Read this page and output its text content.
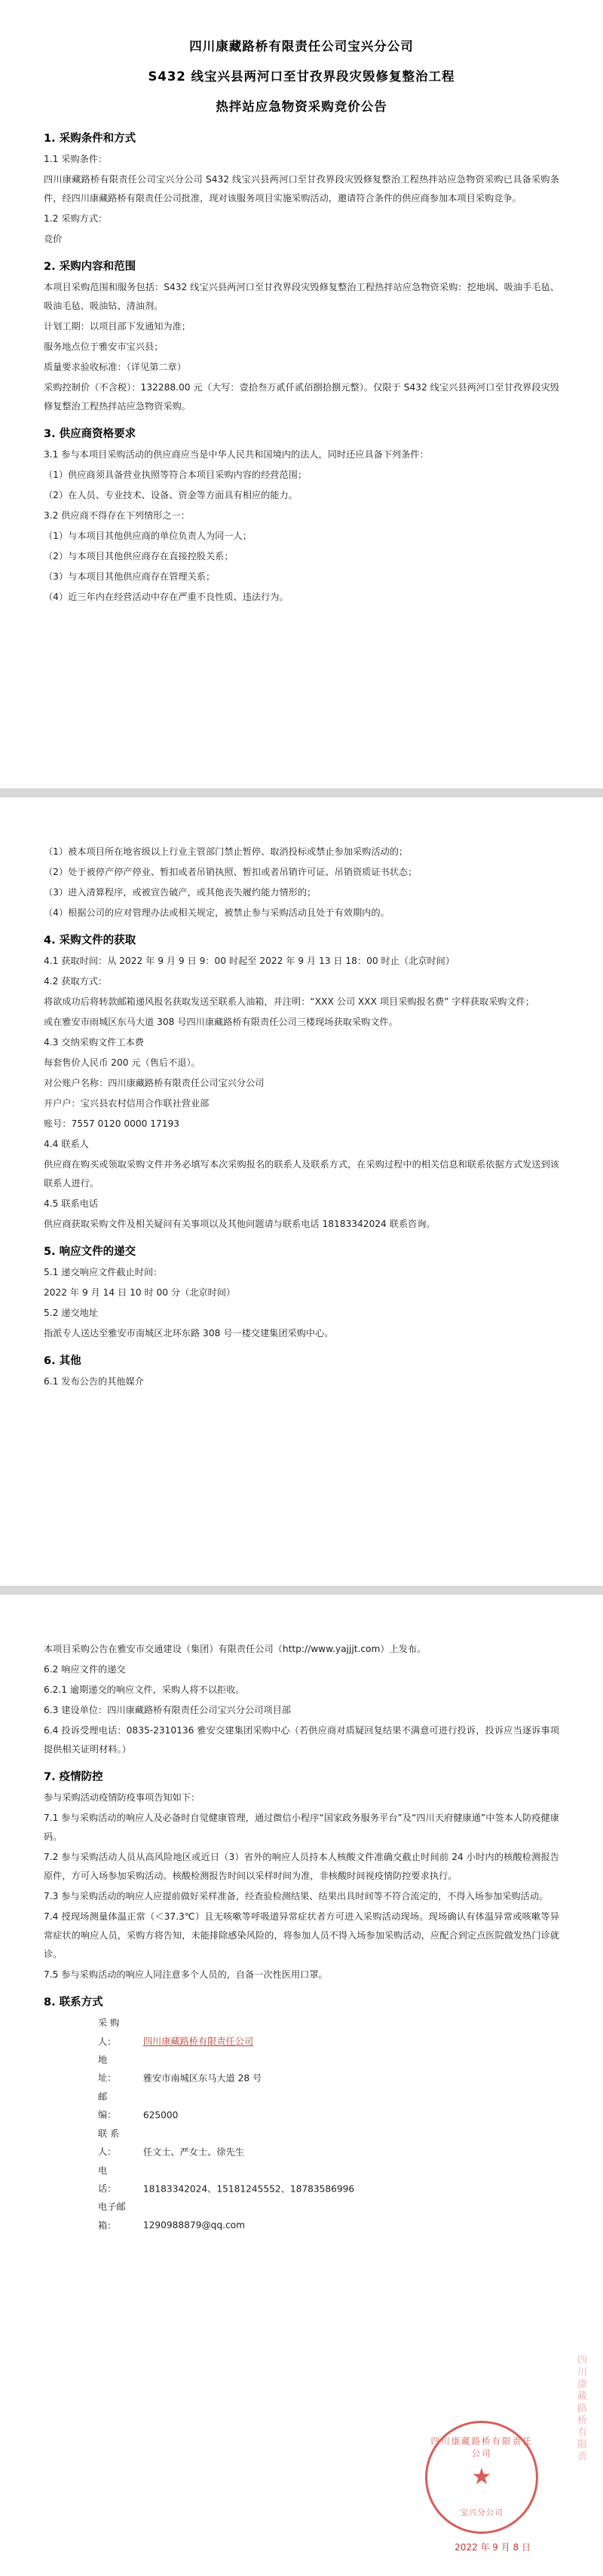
四川康藏路桥有限责任公司宝兴分公司
S432 线宝兴县两河口至甘孜界段灾毁修复整治工程
热拌站应急物资采购竞价公告
1. 采购条件和方式

1.1 采购条件：

四川康藏路桥有限责任公司宝兴分公司 S432 线宝兴县两河口至甘孜界段灾毁修复整治工程热拌站应急物资采购已具备采购条件，经四川康藏路桥有限责任公司批准，现对该服务项目实施采购活动，邀请符合条件的供应商参加本项目采购竞争。

1.2 采购方式：

竞价

2. 采购内容和范围

本项目采购范围和服务包括：S432 线宝兴县两河口至甘孜界段灾毁修复整治工程热拌站应急物资采购：挖地埚、吸油手毛毡、吸油毛毡、吸油钻、清油剂。

计划工期：以项目部下发通知为准；

服务地点位于雅安市宝兴县；

质量要求验收标准：（详见第二章）

采购控制价（不含税）：132288.00 元（大写：壹拾叁万贰仟贰佰捌拾捌元整）。仅限于 S432 线宝兴县两河口至甘孜界段灾毁修复整治工程热拌站应急物资采购。

3. 供应商资格要求

3.1 参与本项目采购活动的供应商应当是中华人民共和国境内的法人，同时还应具备下列条件：

（1）供应商须具备营业执照等符合本项目采购内容的经营范围；

（2）在人员、专业技术、设备、资金等方面具有相应的能力。

3.2 供应商不得存在下列情形之一：

（1）与本项目其他供应商的单位负责人为同一人；

（2）与本项目其他供应商存在直接控股关系；

（3）与本项目其他供应商存在管理关系；

（4）近三年内在经营活动中存在严重不良性质、违法行为。

（1）被本项目所在地省级以上行业主管部门禁止暂停、取消投标或禁止参加采购活动的；

（2）处于被停产停产停业、暂扣或者吊销执照、暂扣或者吊销许可证、吊销资质证书状态；

（3）进入清算程序，或被宣告破产，或其他丧失履约能力情形的；

（4）根据公司的应对管理办法或相关规定，被禁止参与采购活动且处于有效期内的。

4. 采购文件的获取

4.1 获取时间：从 2022 年 9 月 9 日 9：00 时起至 2022 年 9 月 13 日 18：00 时止（北京时间）

4.2 获取方式：

将欲成功后将转款邮箱递风报名获取发送至联系人油箱，并注明：“XXX 公司 XXX 项目采购报名费” 字样获取采购文件；

或在雅安市雨城区东马大道 308 号四川康藏路桥有限责任公司三楼现场获取采购文件。

4.3 交纳采购文件工本费

每套售价人民币 200 元（售后不退）。

对公账户名称：四川康藏路桥有限责任公司宝兴分公司

开户户：宝兴县农村信用合作联社营业部

账号：7557 0120 0000 17193

4.4 联系人

供应商在购买或领取采购文件并务必填写本次采购报名的联系人及联系方式，在采购过程中的相关信息和联系依据方式发送到该联系人进行。

4.5 联系电话

供应商获取采购文件及相关疑问有关事项以及其他问题请与联系电话 18183342024 联系咨询。

5. 响应文件的递交

5.1 递交响应文件截止时间：

2022 年 9 月 14 日 10 时 00 分（北京时间）

5.2 递交地址

指派专人送达至雅安市南城区北环东路 308 号一楼交建集团采购中心。

6. 其他

6.1 发布公告的其他媒介

本项目采购公告在雅安市交通建设（集团）有限责任公司（http://www.yajjjt.com）上发布。

6.2 响应文件的递交

6.2.1 逾期递交的响应文件，采购人将不以拒收。

6.3 建设单位：四川康藏路桥有限责任公司宝兴分公司项目部

6.4 投诉受理电话：0835-2310136 雅安交建集团采购中心（若供应商对质疑回复结果不满意可进行投诉，投诉应当逐诉事项提供相关证明材料。）

7. 疫情防控

参与采购活动疫情防疫事项告知如下：

7.1 参与采购活动的响应人及必备时自觉健康管理，通过微信小程序“国家政务服务平台”及“四川天府健康通”中签本人防疫健康码。

7.2 参与采购活动人员从高风险地区或近日（3）省外的响应人员持本人核酸文件准确交截止时间前 24 小时内的核酸检测报告原件，方可入场参加采购活动。核酸检测报告时间以采样时间为准，非核酸时间视疫情防控要求执行。

7.3 参与采购活动的响应人应提前做好采样准备，经查验检测结果、结果出具时间等不符合流定的，不得入场参加采购活动。

7.4 授现场测量体温正常（＜37.3℃）且无咳嗽等呼吸道异常症状者方可进入采购活动现场。现场确认有体温异常或咳嗽等异常症状的响应人员，采购方将告知，未能排除感染风险的，将参加人员不得入场参加采购活动，应配合到定点医院做发热门诊就诊。

7.5 参与采购活动的响应人同注意多个人员的，自备一次性医用口罩。

8. 联系方式
采 购 人：	四川康藏路桥有限责任公司
地　　址：	雅安市南城区东马大道 28 号
邮　　编：	625000
联 系 人：	任文士、严女士、徐先生
电　　话：	18183342024、15181245552、18783586996
电子邮箱：	1290988879@qq.com
四川康藏路桥有限责
四川康藏路桥有限责任公司
★
宝兴分公司
2022 年 9 月 8 日
